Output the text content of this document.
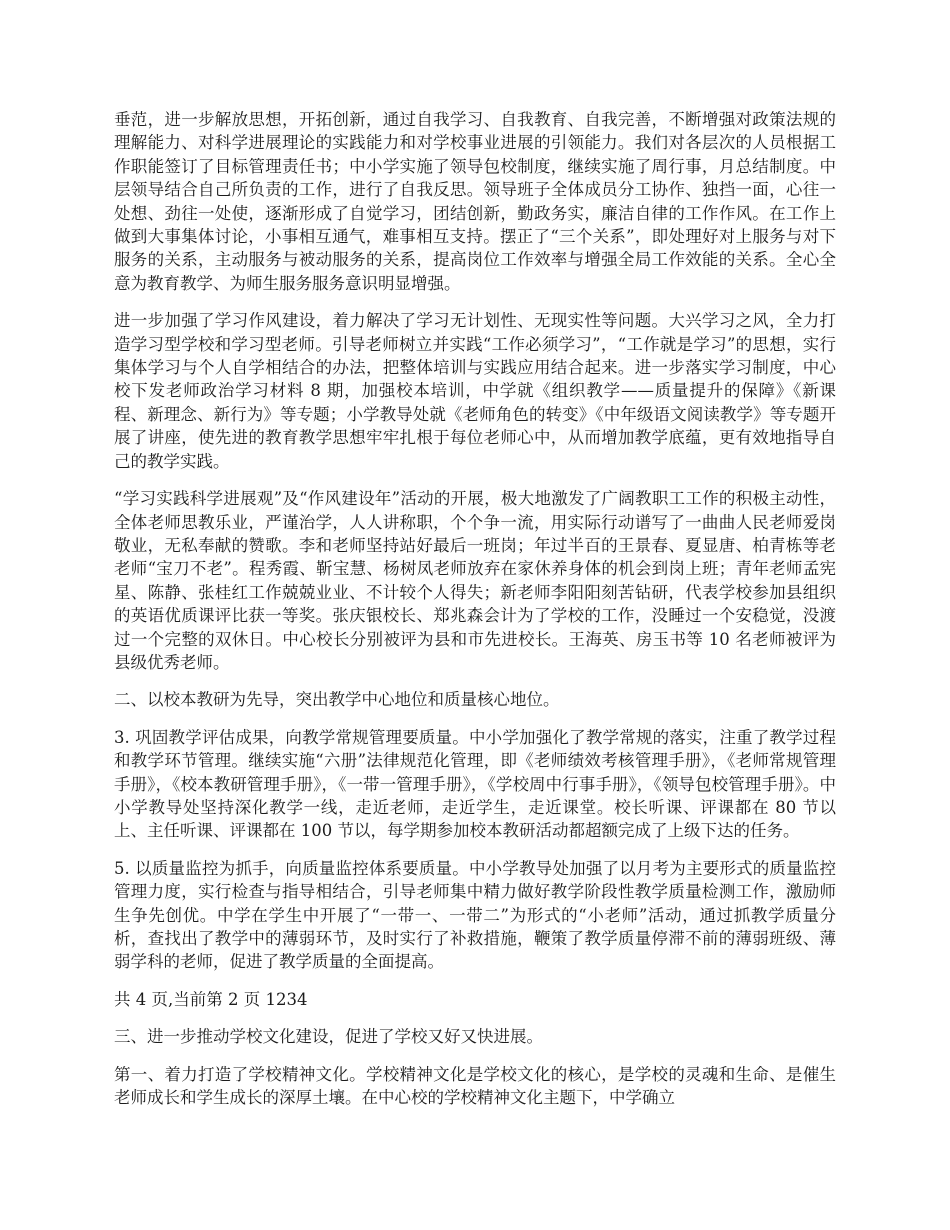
垂范，进一步解放思想，开拓创新，通过自我学习、自我教育、自我完善，不断增强对政策法规的理解能力、对科学进展理论的实践能力和对学校事业进展的引领能力。我们对各层次的人员根据工作职能签订了目标管理责任书；中小学实施了领导包校制度，继续实施了周行事，月总结制度。中层领导结合自己所负责的工作，进行了自我反思。领导班子全体成员分工协作、独挡一面，心往一处想、劲往一处使，逐渐形成了自觉学习，团结创新，勤政务实，廉洁自律的工作作风。在工作上做到大事集体讨论，小事相互通气，难事相互支持。摆正了“三个关系”，即处理好对上服务与对下服务的关系，主动服务与被动服务的关系，提高岗位工作效率与增强全局工作效能的关系。全心全意为教育教学、为师生服务服务意识明显增强。

进一步加强了学习作风建设，着力解决了学习无计划性、无现实性等问题。大兴学习之风，全力打造学习型学校和学习型老师。引导老师树立并实践“工作必须学习”，“工作就是学习”的思想，实行集体学习与个人自学相结合的办法，把整体培训与实践应用结合起来。进一步落实学习制度，中心校下发老师政治学习材料 8 期，加强校本培训，中学就《组织教学——质量提升的保障》《新课程、新理念、新行为》等专题；小学教导处就《老师角色的转变》《中年级语文阅读教学》等专题开展了讲座，使先进的教育教学思想牢牢扎根于每位老师心中，从而增加教学底蕴，更有效地指导自己的教学实践。

“学习实践科学进展观”及“作风建设年”活动的开展，极大地激发了广阔教职工工作的积极主动性，全体老师思教乐业，严谨治学，人人讲称职，个个争一流，用实际行动谱写了一曲曲人民老师爱岗敬业，无私奉献的赞歌。李和老师坚持站好最后一班岗；年过半百的王景春、夏显唐、柏青栋等老老师“宝刀不老”。程秀霞、靳宝慧、杨树凤老师放弃在家休养身体的机会到岗上班；青年老师孟宪星、陈静、张桂红工作兢兢业业、不计较个人得失；新老师李阳阳刻苦钻研，代表学校参加县组织的英语优质课评比获一等奖。张庆银校长、郑兆森会计为了学校的工作，没睡过一个安稳觉，没渡过一个完整的双休日。中心校长分别被评为县和市先进校长。王海英、房玉书等 10 名老师被评为县级优秀老师。

二、以校本教研为先导，突出教学中心地位和质量核心地位。

3. 巩固教学评估成果，向教学常规管理要质量。中小学加强化了教学常规的落实，注重了教学过程和教学环节管理。继续实施“六册”法律规范化管理，即《老师绩效考核管理手册》，《老师常规管理手册》，《校本教研管理手册》，《一带一管理手册》，《学校周中行事手册》，《领导包校管理手册》。中小学教导处坚持深化教学一线，走近老师，走近学生，走近课堂。校长听课、评课都在 80 节以上、主任听课、评课都在 100 节以，每学期参加校本教研活动都超额完成了上级下达的任务。

5. 以质量监控为抓手，向质量监控体系要质量。中小学教导处加强了以月考为主要形式的质量监控管理力度，实行检查与指导相结合，引导老师集中精力做好教学阶段性教学质量检测工作，激励师生争先创优。中学在学生中开展了“一带一、一带二”为形式的“小老师”活动，通过抓教学质量分析，查找出了教学中的薄弱环节，及时实行了补救措施，鞭策了教学质量停滞不前的薄弱班级、薄弱学科的老师，促进了教学质量的全面提高。

共 4 页,当前第 2 页 1234

三、进一步推动学校文化建设，促进了学校又好又快进展。

第一、着力打造了学校精神文化。学校精神文化是学校文化的核心，是学校的灵魂和生命、是催生老师成长和学生成长的深厚土壤。在中心校的学校精神文化主题下，中学确立
